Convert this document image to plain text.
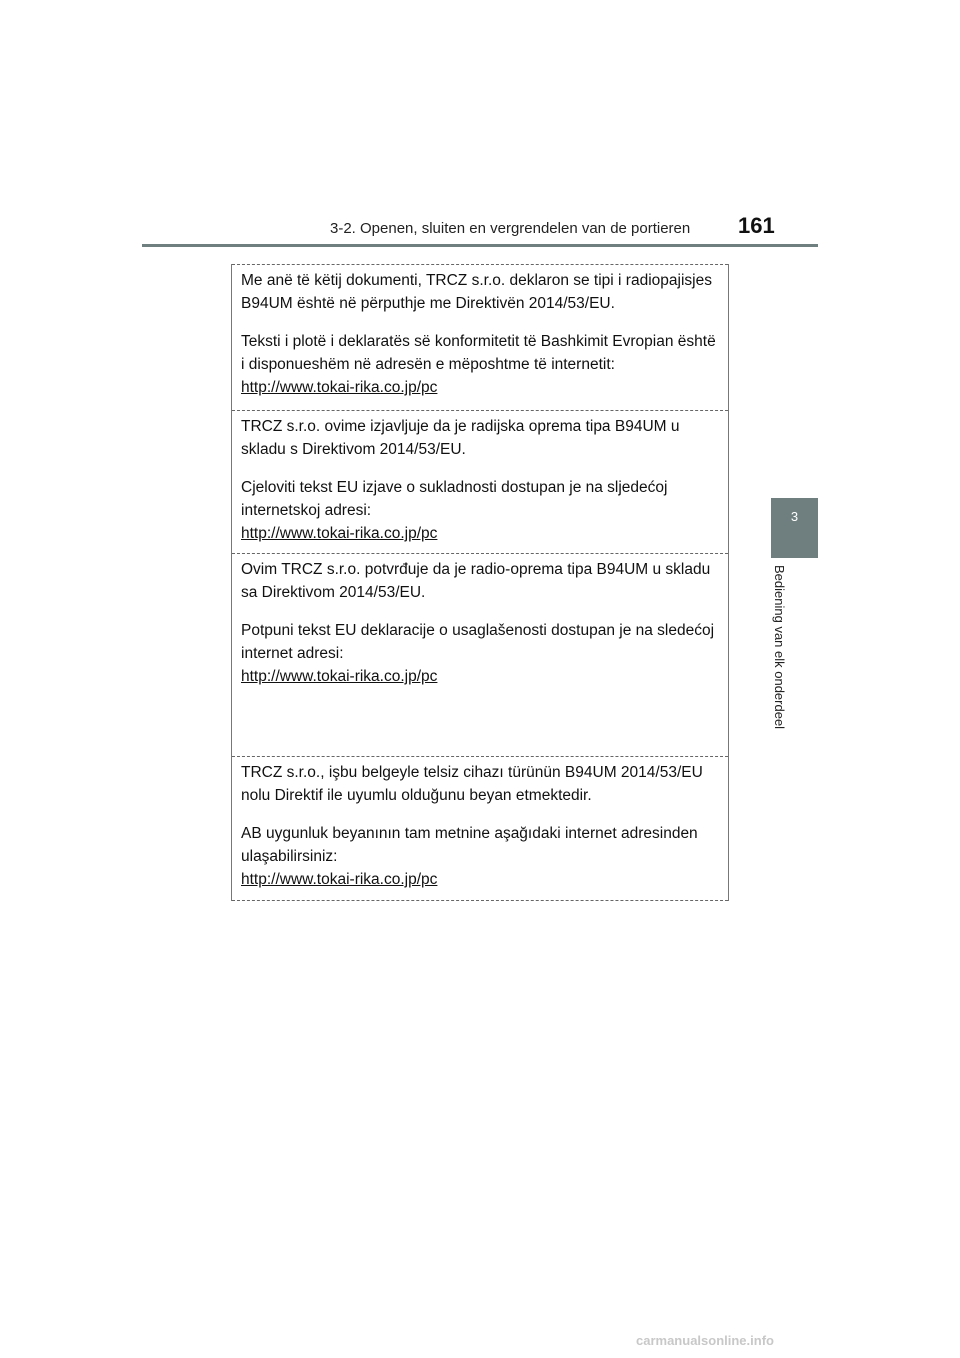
3-2. Openen, sluiten en vergrendelen van de portieren 161
3
Bediening van elk onderdeel

Me anë të këtij dokumenti, TRCZ s.r.o. deklaron se tipi i radiopajisjes B94UM është në përputhje me Direktivën 2014/53/EU.

Teksti i plotë i deklaratës së konformitetit të Bashkimit Evropian është i disponueshëm në adresën e mëposhtme të internetit:
http://www.tokai-rika.co.jp/pc

TRCZ s.r.o. ovime izjavljuje da je radijska oprema tipa B94UM u skladu s Direktivom 2014/53/EU.

Cjeloviti tekst EU izjave o sukladnosti dostupan je na sljedećoj internetskoj adresi:
http://www.tokai-rika.co.jp/pc

Ovim TRCZ s.r.o. potvrđuje da je radio-oprema tipa B94UM u skladu sa Direktivom 2014/53/EU.

Potpuni tekst EU deklaracije o usaglašenosti dostupan je na sledećoj internet adresi:
http://www.tokai-rika.co.jp/pc

TRCZ s.r.o., işbu belgeyle telsiz cihazı türünün B94UM 2014/53/EU nolu Direktif ile uyumlu olduğunu beyan etmektedir.

AB uygunluk beyanının tam metnine aşağıdaki internet adresinden ulaşabilirsiniz:
http://www.tokai-rika.co.jp/pc

carmanualsonline.info
